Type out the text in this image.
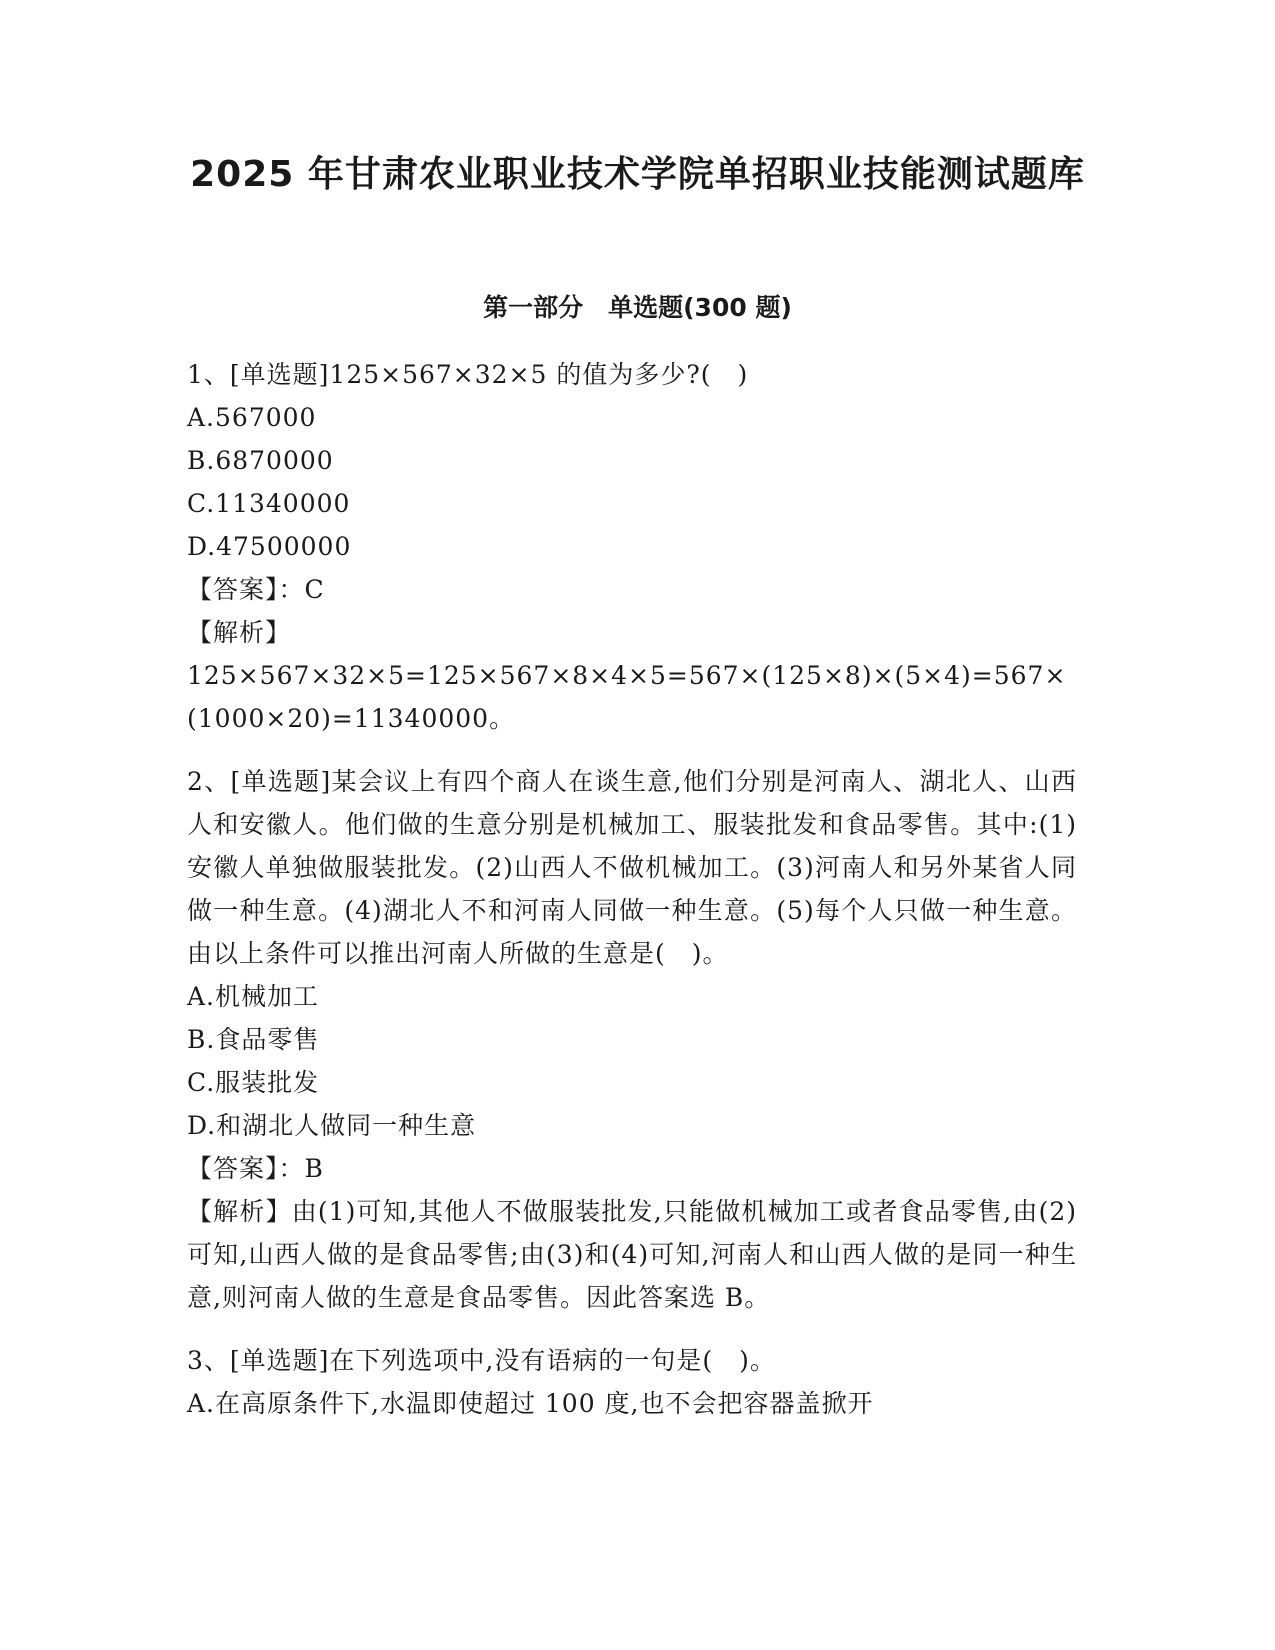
2025 年甘肃农业职业技术学院单招职业技能测试题库
第一部分　单选题(300 题)
1、[单选题]125×567×32×5 的值为多少?(　)
A.567000
B.6870000
C.11340000
D.47500000
【答案】：C
【解析】
125×567×32×5=125×567×8×4×5=567×(125×8)×(5×4)=567×(1000×20)=11340000。
2、[单选题]某会议上有四个商人在谈生意,他们分别是河南人、湖北人、山西人和安徽人。他们做的生意分别是机械加工、服装批发和食品零售。其中:(1)安徽人单独做服装批发。(2)山西人不做机械加工。(3)河南人和另外某省人同做一种生意。(4)湖北人不和河南人同做一种生意。(5)每个人只做一种生意。由以上条件可以推出河南人所做的生意是(　)。
A.机械加工
B.食品零售
C.服装批发
D.和湖北人做同一种生意
【答案】：B
【解析】由(1)可知,其他人不做服装批发,只能做机械加工或者食品零售,由(2)可知,山西人做的是食品零售;由(3)和(4)可知,河南人和山西人做的是同一种生意,则河南人做的生意是食品零售。因此答案选 B。
3、[单选题]在下列选项中,没有语病的一句是(　)。
A.在高原条件下,水温即使超过 100 度,也不会把容器盖掀开
